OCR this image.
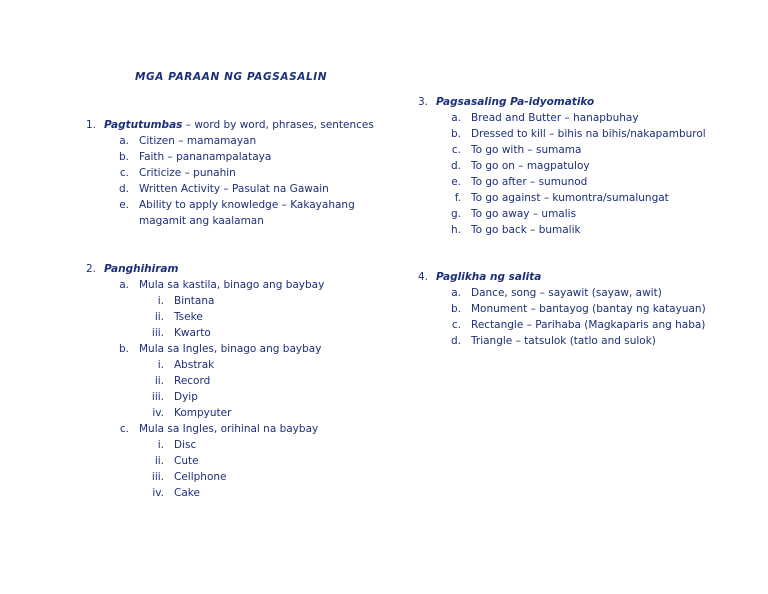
MGA PARAAN NG PAGSASALIN
1. Pagtutumbas – word by word, phrases, sentences
a. Citizen – mamamayan
b. Faith – pananampalataya
c. Criticize – punahin
d. Written Activity – Pasulat na Gawain
e. Ability to apply knowledge – Kakayahang
magamit ang kaalaman
2. Panghihiram
a. Mula sa kastila, binago ang baybay
i. Bintana
ii. Tseke
iii. Kwarto
b. Mula sa Ingles, binago ang baybay
i. Abstrak
ii. Record
iii. Dyip
iv. Kompyuter
c. Mula sa Ingles, orihinal na baybay
i. Disc
ii. Cute
iii. Cellphone
iv. Cake
3. Pagsasaling Pa-idyomatiko
a. Bread and Butter – hanapbuhay
b. Dressed to kill – bihis na bihis/nakapamburol
c. To go with – sumama
d. To go on – magpatuloy
e. To go after – sumunod
f. To go against – kumontra/sumalungat
g. To go away – umalis
h. To go back – bumalik
4. Paglikha ng salita
a. Dance, song – sayawit (sayaw, awit)
b. Monument – bantayog (bantay ng katayuan)
c. Rectangle – Parihaba (Magkaparis ang haba)
d. Triangle – tatsulok (tatlo and sulok)
